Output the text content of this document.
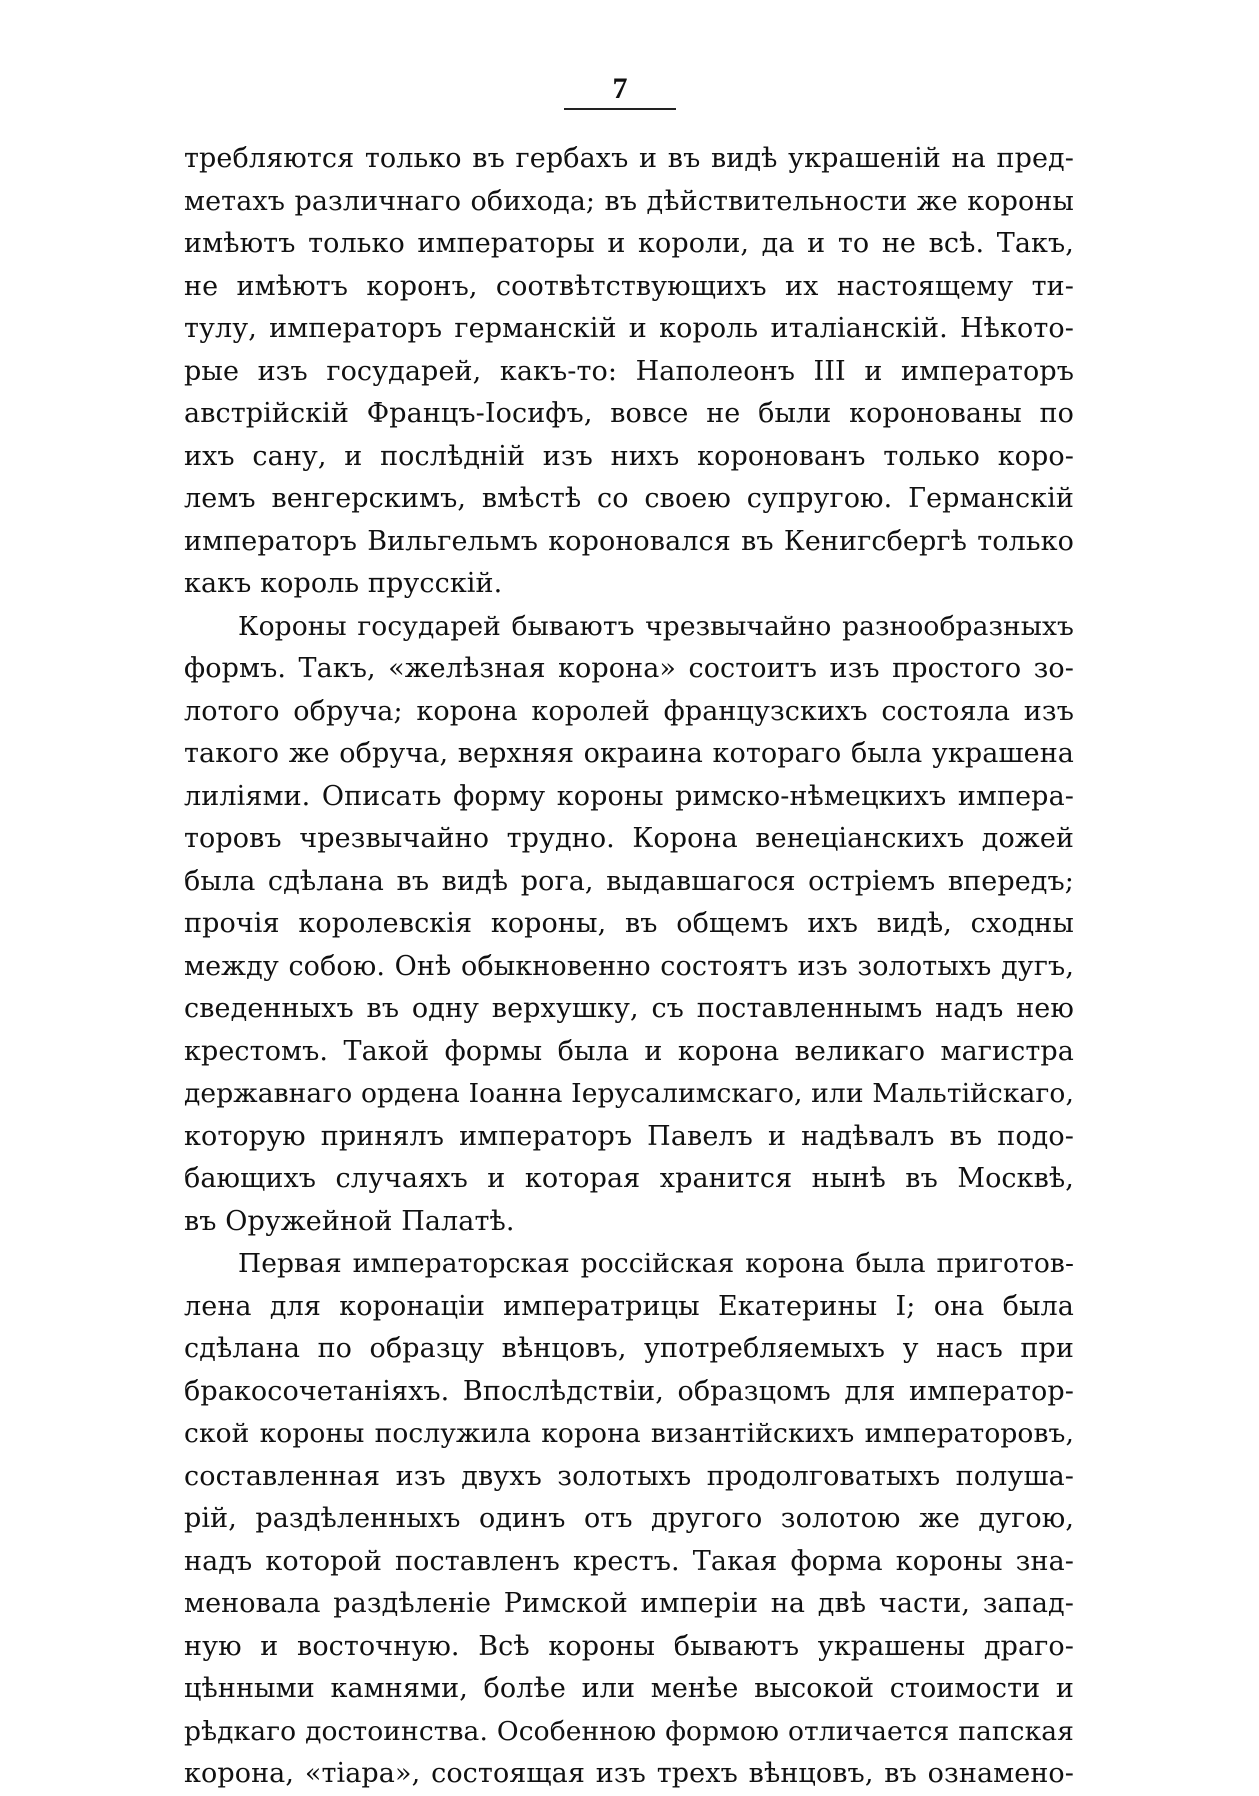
7
требляются только въ гербахъ и въ видѣ украшеній на пред-
метахъ различнаго обихода; въ дѣйствительности же короны
имѣютъ только императоры и короли, да и то не всѣ. Такъ,
не имѣютъ коронъ, соотвѣтствующихъ их настоящему ти-
тулу, императоръ германскій и король италіанскій. Нѣкото-
рые изъ государей, какъ-то: Наполеонъ III и императоръ
австрійскій Францъ-Іосифъ, вовсе не были коронованы по
ихъ сану, и послѣдній изъ нихъ коронованъ только коро-
лемъ венгерскимъ, вмѣстѣ со своею супругою. Германскій
императоръ Вильгельмъ короновался въ Кенигсбергѣ только
какъ король прусскій.
Короны государей бываютъ чрезвычайно разнообразныхъ
формъ. Такъ, «желѣзная корона» состоитъ изъ простого зо-
лотого обруча; корона королей французскихъ состояла изъ
такого же обруча, верхняя окраина котораго была украшена
лиліями. Описать форму короны римско-нѣмецкихъ импера-
торовъ чрезвычайно трудно. Корона венеціанскихъ дожей
была сдѣлана въ видѣ рога, выдавшагося остріемъ впередъ;
прочія королевскія короны, въ общемъ ихъ видѣ, сходны
между собою. Онѣ обыкновенно состоятъ изъ золотыхъ дугъ,
сведенныхъ въ одну верхушку, съ поставленнымъ надъ нею
крестомъ. Такой формы была и корона великаго магистра
державнаго ордена Іоанна Іерусалимскаго, или Мальтійскаго,
которую принялъ императоръ Павелъ и надѣвалъ въ подо-
бающихъ случаяхъ и которая хранится нынѣ въ Москвѣ,
въ Оружейной Палатѣ.
Первая императорская россійская корона была приготов-
лена для коронаціи императрицы Екатерины I; она была
сдѣлана по образцу вѣнцовъ, употребляемыхъ у насъ при
бракосочетаніяхъ. Впослѣдствіи, образцомъ для император-
ской короны послужила корона византійскихъ императоровъ,
составленная изъ двухъ золотыхъ продолговатыхъ полуша-
рій, раздѣленныхъ одинъ отъ другого золотою же дугою,
надъ которой поставленъ крестъ. Такая форма короны зна-
меновала раздѣленіе Римской имперіи на двѣ части, запад-
ную и восточную. Всѣ короны бываютъ украшены драго-
цѣнными камнями, болѣе или менѣе высокой стоимости и
рѣдкаго достоинства. Особенною формою отличается папская
корона, «тіара», состоящая изъ трехъ вѣнцовъ, въ ознамено-
